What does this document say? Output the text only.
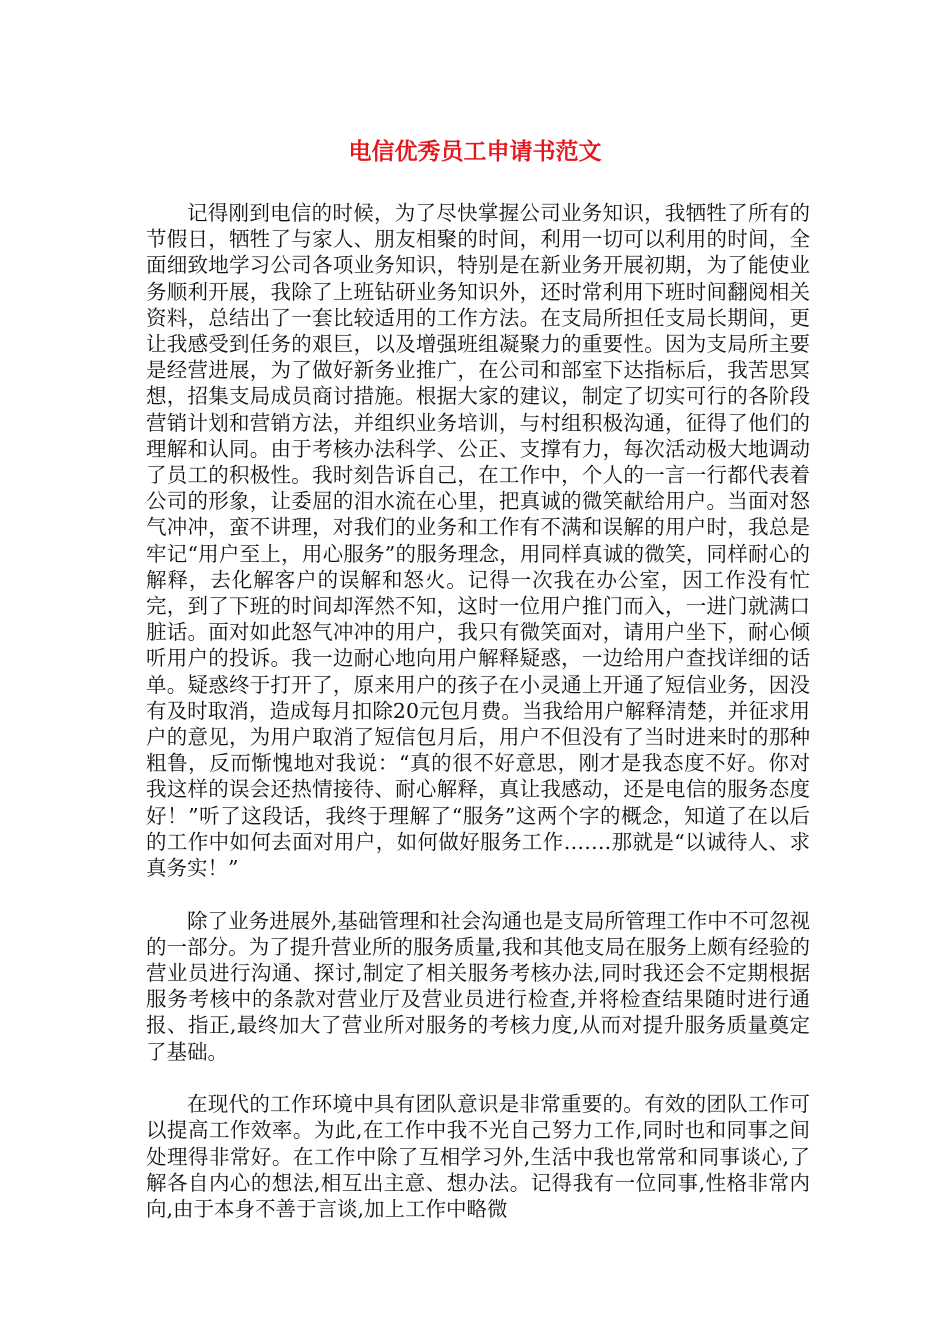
电信优秀员工申请书范文

记得刚到电信的时候，为了尽快掌握公司业务知识，我牺牲了所有的节假日，牺牲了与家人、朋友相聚的时间，利用一切可以利用的时间，全面细致地学习公司各项业务知识，特别是在新业务开展初期，为了能使业务顺利开展，我除了上班钻研业务知识外，还时常利用下班时间翻阅相关资料，总结出了一套比较适用的工作方法。在支局所担任支局长期间，更让我感受到任务的艰巨，以及增强班组凝聚力的重要性。因为支局所主要是经营进展，为了做好新务业推广，在公司和部室下达指标后，我苦思冥想，招集支局成员商讨措施。根据大家的建议，制定了切实可行的各阶段营销计划和营销方法，并组织业务培训，与村组积极沟通，征得了他们的理解和认同。由于考核办法科学、公正、支撑有力，每次活动极大地调动了员工的积极性。我时刻告诉自己，在工作中，个人的一言一行都代表着公司的形象，让委屈的泪水流在心里，把真诚的微笑献给用户。当面对怒气冲冲，蛮不讲理，对我们的业务和工作有不满和误解的用户时，我总是牢记“用户至上，用心服务”的服务理念，用同样真诚的微笑，同样耐心的解释，去化解客户的误解和怒火。记得一次我在办公室，因工作没有忙完，到了下班的时间却浑然不知，这时一位用户推门而入，一进门就满口脏话。面对如此怒气冲冲的用户，我只有微笑面对，请用户坐下，耐心倾听用户的投诉。我一边耐心地向用户解释疑惑，一边给用户查找详细的话单。疑惑终于打开了，原来用户的孩子在小灵通上开通了短信业务，因没有及时取消，造成每月扣除20元包月费。当我给用户解释清楚，并征求用户的意见，为用户取消了短信包月后，用户不但没有了当时进来时的那种粗鲁，反而惭愧地对我说：“真的很不好意思，刚才是我态度不好。你对我这样的误会还热情接待、耐心解释，真让我感动，还是电信的服务态度好！”听了这段话，我终于理解了“服务”这两个字的概念，知道了在以后的工作中如何去面对用户，如何做好服务工作…….那就是“以诚待人、求真务实！”

除了业务进展外,基础管理和社会沟通也是支局所管理工作中不可忽视的一部分。为了提升营业所的服务质量,我和其他支局在服务上颇有经验的营业员进行沟通、探讨,制定了相关服务考核办法,同时我还会不定期根据服务考核中的条款对营业厅及营业员进行检查,并将检查结果随时进行通报、指正,最终加大了营业所对服务的考核力度,从而对提升服务质量奠定了基础。

在现代的工作环境中具有团队意识是非常重要的。有效的团队工作可以提高工作效率。为此,在工作中我不光自己努力工作,同时也和同事之间处理得非常好。在工作中除了互相学习外,生活中我也常常和同事谈心,了解各自内心的想法,相互出主意、想办法。记得我有一位同事,性格非常内向,由于本身不善于言谈,加上工作中略微
